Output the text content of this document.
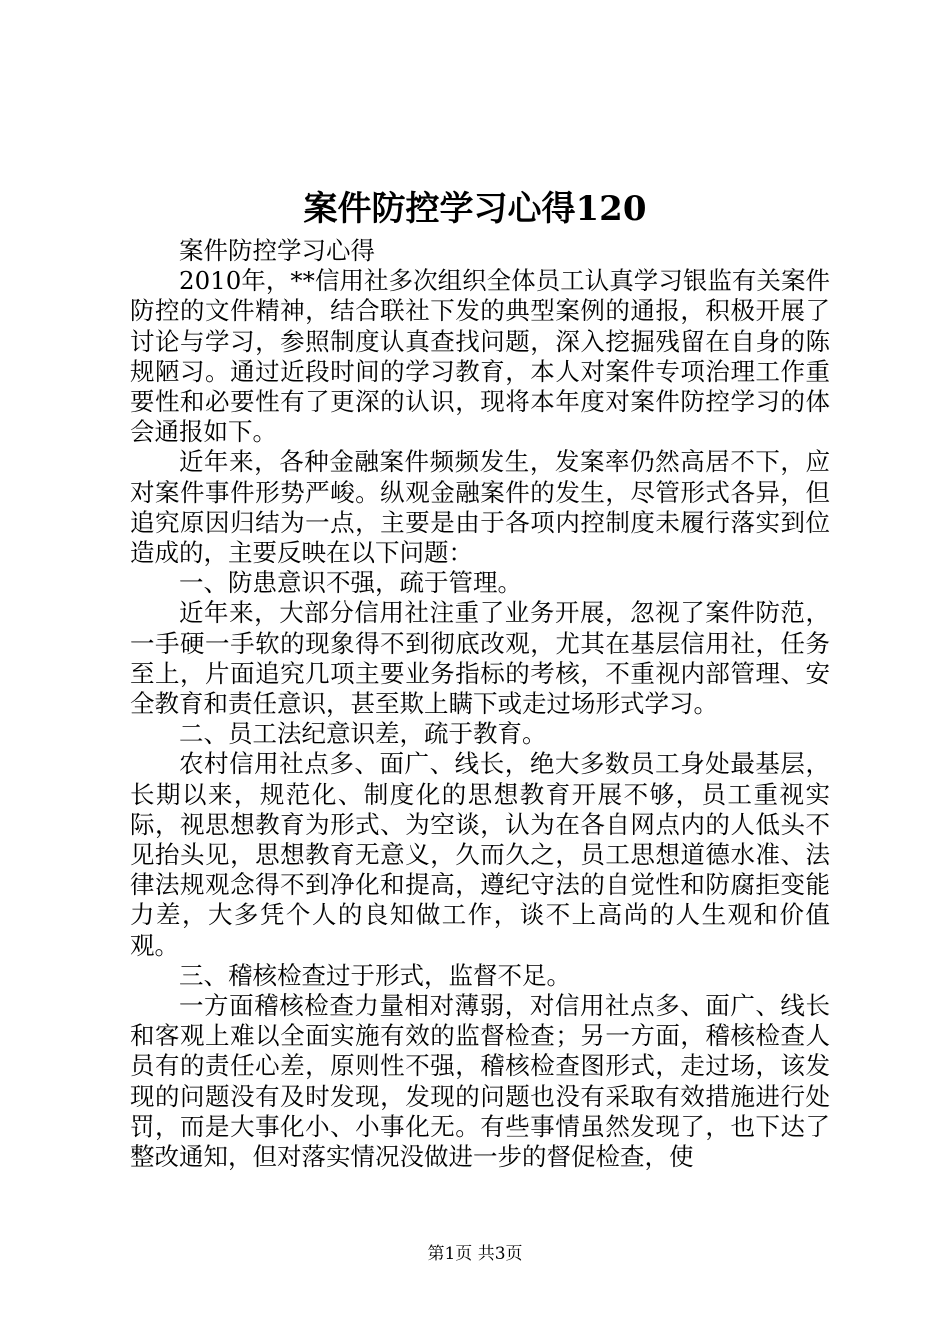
案件防控学习心得120

案件防控学习心得

2010年，**信用社多次组织全体员工认真学习银监有关案件防控的文件精神，结合联社下发的典型案例的通报，积极开展了讨论与学习，参照制度认真查找问题，深入挖掘残留在自身的陈规陋习。通过近段时间的学习教育，本人对案件专项治理工作重要性和必要性有了更深的认识，现将本年度对案件防控学习的体会通报如下。

近年来，各种金融案件频频发生，发案率仍然高居不下，应对案件事件形势严峻。纵观金融案件的发生，尽管形式各异，但追究原因归结为一点，主要是由于各项内控制度未履行落实到位造成的，主要反映在以下问题：

一、防患意识不强，疏于管理。

近年来，大部分信用社注重了业务开展，忽视了案件防范，一手硬一手软的现象得不到彻底改观，尤其在基层信用社，任务至上，片面追究几项主要业务指标的考核，不重视内部管理、安全教育和责任意识，甚至欺上瞒下或走过场形式学习。

二、员工法纪意识差，疏于教育。

农村信用社点多、面广、线长，绝大多数员工身处最基层，长期以来，规范化、制度化的思想教育开展不够，员工重视实际，视思想教育为形式、为空谈，认为在各自网点内的人低头不见抬头见，思想教育无意义，久而久之，员工思想道德水准、法律法规观念得不到净化和提高，遵纪守法的自觉性和防腐拒变能力差，大多凭个人的良知做工作，谈不上高尚的人生观和价值观。

三、稽核检查过于形式，监督不足。

一方面稽核检查力量相对薄弱，对信用社点多、面广、线长和客观上难以全面实施有效的监督检查；另一方面，稽核检查人员有的责任心差，原则性不强，稽核检查图形式，走过场，该发现的问题没有及时发现，发现的问题也没有采取有效措施进行处罚，而是大事化小、小事化无。有些事情虽然发现了，也下达了整改通知，但对落实情况没做进一步的督促检查，使

第1页 共3页
